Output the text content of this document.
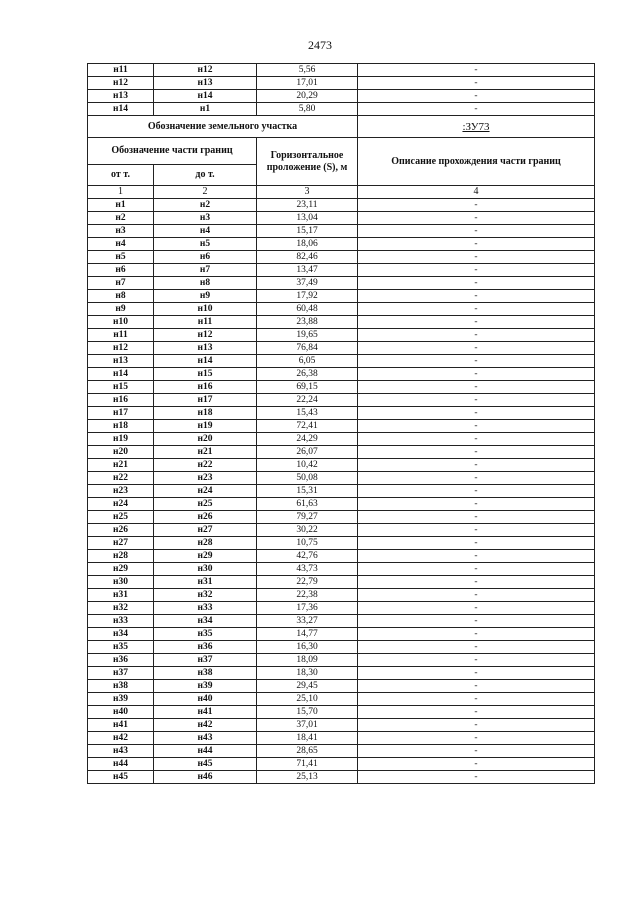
2473
н11	н12	5,56	-
н12	н13	17,01	-
н13	н14	20,29	-
н14	н1	5,80	-
Обозначение земельного участка			:ЗУ73
Обозначение части границ		Горизонтальное проложение (S), м	Описание прохождения части границ
от т.	до т.		
1	2	3	4
н1	н2	23,11	-
н2	н3	13,04	-
н3	н4	15,17	-
н4	н5	18,06	-
н5	н6	82,46	-
н6	н7	13,47	-
н7	н8	37,49	-
н8	н9	17,92	-
н9	н10	60,48	-
н10	н11	23,88	-
н11	н12	19,65	-
н12	н13	76,84	-
н13	н14	6,05	-
н14	н15	26,38	-
н15	н16	69,15	-
н16	н17	22,24	-
н17	н18	15,43	-
н18	н19	72,41	-
н19	н20	24,29	-
н20	н21	26,07	-
н21	н22	10,42	-
н22	н23	50,08	-
н23	н24	15,31	-
н24	н25	61,63	-
н25	н26	79,27	-
н26	н27	30,22	-
н27	н28	10,75	-
н28	н29	42,76	-
н29	н30	43,73	-
н30	н31	22,79	-
н31	н32	22,38	-
н32	н33	17,36	-
н33	н34	33,27	-
н34	н35	14,77	-
н35	н36	16,30	-
н36	н37	18,09	-
н37	н38	18,30	-
н38	н39	29,45	-
н39	н40	25,10	-
н40	н41	15,70	-
н41	н42	37,01	-
н42	н43	18,41	-
н43	н44	28,65	-
н44	н45	71,41	-
н45	н46	25,13	-
